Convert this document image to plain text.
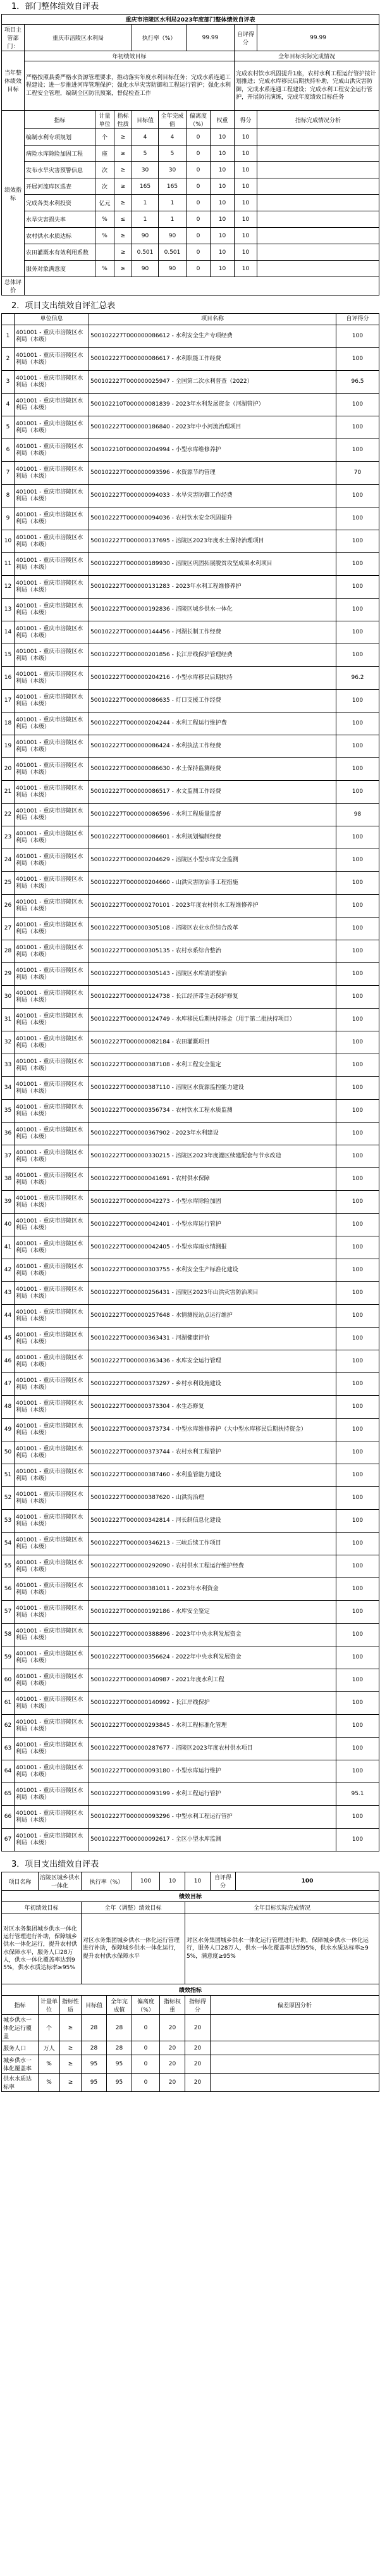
1．部门整体绩效自评表
重庆市涪陵区水利局2023年度部门整体绩效自评表									
项目主管部门：	重庆市涪陵区水利局			执行率（%）		99.99		自评得分	99.99
当年整体绩效目标	年初绩效目标							全年目标实际完成情况	
	严格按照县委严格水资源管理要求，推动落实年度水利目标任务；完成水系连通工程建设；进一步推进河库管理保护；强化水旱灾害防御和工程运行管护；强化水利工程安全管理，编制全区防汛预案，督促检查工作							完成农村饮水巩固提升1座，农村水利工程运行管护按计划推进；完成水库移民后期扶持补助，完成山洪灾害防御，完成水系连通工程建设；完成水利工程安全运行管护，开展防汛演练，完成年度绩效目标任务	
绩效指标	指标	计量单位	指标性质	目标值	全年完成值	偏离度（%）	权重	得分	指标完成情况分析
	编制水利专项规划	个	≥	4	4	0	10	10	
	病险水库除险加固工程	座	≥	5	5	0	10	10	
	发布水旱灾害预警信息	次	≥	30	30	0	10	10	
	开展河流库区巡查	次	≥	165	165	0	10	10	
	完成各类水利投资	亿元	≥	1	1	0	10	10	
	水旱灾害损失率	%	≤	1	1	0	10	10	
	农村供水水质达标	%	≥	90	90	0	10	10	
	农田灌溉水有效利用系数		≥	0.501	0.501	0	10	10	
	服务对象满意度	%	≥	90	90	0	10	10	
总体评价									
2．项目支出绩效自评汇总表
	单位信息	项目名称	自评得分
1	401001 - 重庆市涪陵区水利局（本级）	500102227T000000086612 - 水利安全生产专项经费	100
2	401001 - 重庆市涪陵区水利局（本级）	500102227T000000086617 - 水利职能工作经费	100
3	401001 - 重庆市涪陵区水利局（本级）	500102227T000000025947 - 全国第二次水利普查（2022）	96.5
4	401001 - 重庆市涪陵区水利局（本级）	500102210T000000081839 - 2023年水利发展资金（河湖管护）	100
5	401001 - 重庆市涪陵区水利局（本级）	500102227T000000186840 - 2023年中小河流治理项目	100
6	401001 - 重庆市涪陵区水利局（本级）	500102210T000000204994 - 小型水库维修养护	100
7	401001 - 重庆市涪陵区水利局（本级）	500102227T000000093596 - 水资源节约管理	70
8	401001 - 重庆市涪陵区水利局（本级）	500102227T000000094033 - 水旱灾害防御工作经费	100
9	401001 - 重庆市涪陵区水利局（本级）	500102227T000000094036 - 农村饮水安全巩固提升	100
10	401001 - 重庆市涪陵区水利局（本级）	500102227T000000137695 - 涪陵区2023年度水土保持治理项目	100
11	401001 - 重庆市涪陵区水利局（本级）	500102227T000000189930 - 涪陵区巩固拓展脱贫攻坚成果水利项目	100
12	401001 - 重庆市涪陵区水利局（本级）	500102227T000000131283 - 2023年水利工程维修养护	100
13	401001 - 重庆市涪陵区水利局（本级）	500102227T000000192836 - 涪陵区城乡供水一体化	100
14	401001 - 重庆市涪陵区水利局（本级）	500102227T000000144456 - 河湖长制工作经费	100
15	401001 - 重庆市涪陵区水利局（本级）	500102227T000000201856 - 长江岸线保护管理经费	100
16	401001 - 重庆市涪陵区水利局（本级）	500102227T000000204216 - 小型水库移民后期扶持	96.2
17	401001 - 重庆市涪陵区水利局（本级）	500102227T000000086635 - 灯口支援工作经费	100
18	401001 - 重庆市涪陵区水利局（本级）	500102227T000000204244 - 水利工程运行维护费	100
19	401001 - 重庆市涪陵区水利局（本级）	500102227T000000086424 - 水利执法工作经费	100
20	401001 - 重庆市涪陵区水利局（本级）	500102227T000000086630 - 水土保持监测经费	100
21	401001 - 重庆市涪陵区水利局（本级）	500102227T000000086517 - 水文监测工作经费	100
22	401001 - 重庆市涪陵区水利局（本级）	500102227T000000086596 - 水利工程质量监督	98
23	401001 - 重庆市涪陵区水利局（本级）	500102227T000000086601 - 水利规划编制经费	100
24	401001 - 重庆市涪陵区水利局（本级）	500102227T000000204629 - 涪陵区小型水库安全监测	100
25	401001 - 重庆市涪陵区水利局（本级）	500102227T000000204660 - 山洪灾害防治非工程措施	100
26	401001 - 重庆市涪陵区水利局（本级）	500102227T000000270101 - 2023年度农村供水工程维修养护	100
27	401001 - 重庆市涪陵区水利局（本级）	500102227T000000305108 - 涪陵区农业水价综合改革	100
28	401001 - 重庆市涪陵区水利局（本级）	500102227T000000305135 - 农村水系综合整治	100
29	401001 - 重庆市涪陵区水利局（本级）	500102227T000000305143 - 涪陵区水库清淤整治	100
30	401001 - 重庆市涪陵区水利局（本级）	500102227T000000124738 - 长江经济带生态保护修复	100
31	401001 - 重庆市涪陵区水利局（本级）	500102227T000000124749 - 水库移民后期扶持基金（用于第二批扶持项目）	100
32	401001 - 重庆市涪陵区水利局（本级）	500102227T000000082184 - 农田灌溉项目	100
33	401001 - 重庆市涪陵区水利局（本级）	500102227T000000387108 - 水利工程安全鉴定	100
34	401001 - 重庆市涪陵区水利局（本级）	500102227T000000387110 - 涪陵区水资源监控能力建设	100
35	401001 - 重庆市涪陵区水利局（本级）	500102227T000000356734 - 农村饮水工程水质监测	100
36	401001 - 重庆市涪陵区水利局（本级）	500102227T000000367902 - 2023年水利建设	100
37	401001 - 重庆市涪陵区水利局（本级）	500102227T000000330215 - 涪陵区2023年度灌区续建配套与节水改造	100
38	401001 - 重庆市涪陵区水利局（本级）	500102227T000000041691 - 农村供水保障	100
39	401001 - 重庆市涪陵区水利局（本级）	500102227T000000042273 - 小型水库除险加固	100
40	401001 - 重庆市涪陵区水利局（本级）	500102227T000000042401 - 小型水库运行管护	100
41	401001 - 重庆市涪陵区水利局（本级）	500102227T000000042405 - 小型水库雨水情测报	100
42	401001 - 重庆市涪陵区水利局（本级）	500102227T000000303755 - 水利安全生产标准化建设	100
43	401001 - 重庆市涪陵区水利局（本级）	500102227T000000256431 - 涪陵区2023年山洪灾害防治项目	100
44	401001 - 重庆市涪陵区水利局（本级）	500102227T000000257648 - 水情测报站点运行维护	100
45	401001 - 重庆市涪陵区水利局（本级）	500102227T000000363431 - 河湖健康评价	100
46	401001 - 重庆市涪陵区水利局（本级）	500102227T000000363436 - 水库安全运行管理	100
47	401001 - 重庆市涪陵区水利局（本级）	500102227T000000373297 - 乡村水利设施建设	100
48	401001 - 重庆市涪陵区水利局（本级）	500102227T000000373304 - 水生态修复	100
49	401001 - 重庆市涪陵区水利局（本级）	500102227T000000373734 - 中型水库维修养护（大中型水库移民后期扶持资金）	100
50	401001 - 重庆市涪陵区水利局（本级）	500102227T000000373744 - 农村水利工程管护	100
51	401001 - 重庆市涪陵区水利局（本级）	500102227T000000387460 - 水利监管能力建设	100
52	401001 - 重庆市涪陵区水利局（本级）	500102227T000000387620 - 山洪沟治理	100
53	401001 - 重庆市涪陵区水利局（本级）	500102227T000000342814 - 河长制信息化建设	100
54	401001 - 重庆市涪陵区水利局（本级）	500102227T000000346213 - 三峡后续工作项目	100
55	401001 - 重庆市涪陵区水利局（本级）	500102227T000000292090 - 农村供水工程运行维护经费	100
56	401001 - 重庆市涪陵区水利局（本级）	500102227T000000381011 - 2023年水利资金	100
57	401001 - 重庆市涪陵区水利局（本级）	500102227T000000192186 - 水库安全鉴定	100
58	401001 - 重庆市涪陵区水利局（本级）	500102227T000000388896 - 2023年中央水利发展资金	100
59	401001 - 重庆市涪陵区水利局（本级）	500102227T000000356624 - 2022年中央水利发展资金	100
60	401001 - 重庆市涪陵区水利局（本级）	500102227T000000140987 - 2021年度水利工程	100
61	401001 - 重庆市涪陵区水利局（本级）	500102227T000000140992 - 长江岸线保护	100
62	401001 - 重庆市涪陵区水利局（本级）	500102227T000000293845 - 水利工程标准化管理	100
63	401001 - 重庆市涪陵区水利局（本级）	500102227T000000287677 - 涪陵区2023年度农村供水项目	100
64	401001 - 重庆市涪陵区水利局（本级）	500102227T000000093180 - 小型水库运行维护	100
65	401001 - 重庆市涪陵区水利局（本级）	500102227T000000093199 - 水利工程运行管护	95.1
66	401001 - 重庆市涪陵区水利局（本级）	500102227T000000093296 - 中型水利工程运行管护	100
67	401001 - 重庆市涪陵区水利局（本级）	500102227T000000092617 - 全区小型水库监测	100
3．项目支出绩效自评表
项目名称	涪陵区城乡供水一体化		执行率（%）		100	10	10	自评得分	100
绩效目标									
年初绩效目标			全年（调整）绩效目标				全年目标实际完成情况		
对区水务集团城乡供水一体化运行管理进行补助，保障城乡供水一体化运行，提升农村供水保障水平，服务人口28万人，供水一体化覆盖率达到95%，供水水质达标率≥95%			对区水务集团城乡供水一体化运行管理进行补助，保障城乡供水一体化运行，提升农村供水保障水平				对区水务集团城乡供水一体化运行管理进行补助，保障城乡供水一体化运行，服务人口28万人，供水一体化覆盖率达到95%，供水水质达标率≥95%，满意度≥95%		
绩效指标									
指标	计量单位	指标性质	目标值	全年完成值	偏离度（%）	指标权重	指标得分	偏差原因分析	
城乡供水一体化运行覆盖	个	≥	28	28	0	20	20		
服务人口	万人	≥	28	28	0	20	20		
城乡供水一体化覆盖率	%	≥	95	95	0	20	20		
供水水质达标率	%	≥	95	95	0	20	20		
